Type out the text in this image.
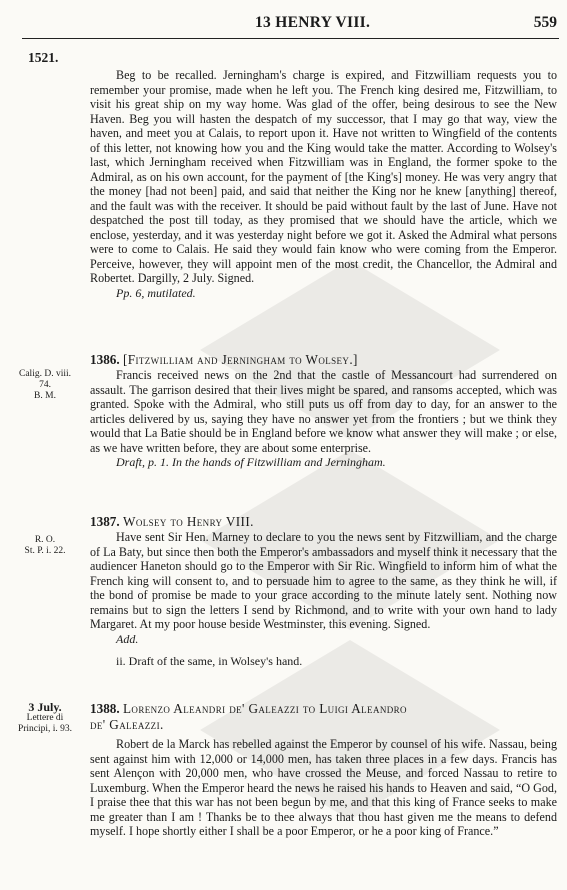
13 HENRY VIII.	559
1521.

Beg to be recalled. Jerningham's charge is expired, and Fitzwilliam requests you to remember your promise, made when he left you. The French king desired me, Fitzwilliam, to visit his great ship on my way home. Was glad of the offer, being desirous to see the New Haven. Beg you will hasten the despatch of my successor, that I may go that way, view the haven, and meet you at Calais, to report upon it. Have not written to Wingfield of the contents of this letter, not knowing how you and the King would take the matter. According to Wolsey's last, which Jerningham received when Fitzwilliam was in England, the former spoke to the Admiral, as on his own account, for the payment of [the King's] money. He was very angry that the money [had not been] paid, and said that neither the King nor he knew [anything] thereof, and the fault was with the receiver. It should be paid without fault by the last of June. Have not despatched the post till today, as they promised that we should have the article, which we enclose, yesterday, and it was yesterday night before we got it. Asked the Admiral what persons were to come to Calais. He said they would fain know who were coming from the Emperor. Perceive, however, they will appoint men of the most credit, the Chancellor, the Admiral and Robertet. Dargilly, 2 July. Signed.

Pp. 6, mutilated.
Calig. D. viii.
74.
B. M.
1386. [Fitzwilliam and Jerningham to Wolsey.]

Francis received news on the 2nd that the castle of Messancourt had surrendered on assault. The garrison desired that their lives might be spared, and ransoms accepted, which was granted. Spoke with the Admiral, who still puts us off from day to day, for an answer to the articles delivered by us, saying they have no answer yet from the frontiers ; but we think they would that La Batie should be in England before we know what answer they will make ; or else, as we have written before, they are about some enterprise.

Draft, p. 1. In the hands of Fitzwilliam and Jerningham.
R. O.
St. P. i. 22.
1387. Wolsey to Henry VIII.

Have sent Sir Hen. Marney to declare to you the news sent by Fitzwilliam, and the charge of La Baty, but since then both the Emperor's ambassadors and myself think it necessary that the audiencer Haneton should go to the Emperor with Sir Ric. Wingfield to inform him of what the French king will consent to, and to persuade him to agree to the same, as they think he will, if the bond of promise be made to your grace according to the minute lately sent. Nothing now remains but to sign the letters I send by Richmond, and to write with your own hand to lady Margaret. At my poor house beside Westminster, this evening. Signed.

Add.
ii. Draft of the same, in Wolsey's hand.
3 July.
Lettere di
Principi, i. 93.
1388. Lorenzo Aleandri de' Galeazzi to Luigi Aleandro
de' Galeazzi.

Robert de la Marck has rebelled against the Emperor by counsel of his wife. Nassau, being sent against him with 12,000 or 14,000 men, has taken three places in a few days. Francis has sent Alençon with 20,000 men, who have crossed the Meuse, and forced Nassau to retire to Luxemburg. When the Emperor heard the news he raised his hands to Heaven and said, “O God, I praise thee that this war has not been begun by me, and that this king of France seeks to make me greater than I am ! Thanks be to thee always that thou hast given me the means to defend myself. I hope shortly either I shall be a poor Emperor, or he a poor king of France.”
